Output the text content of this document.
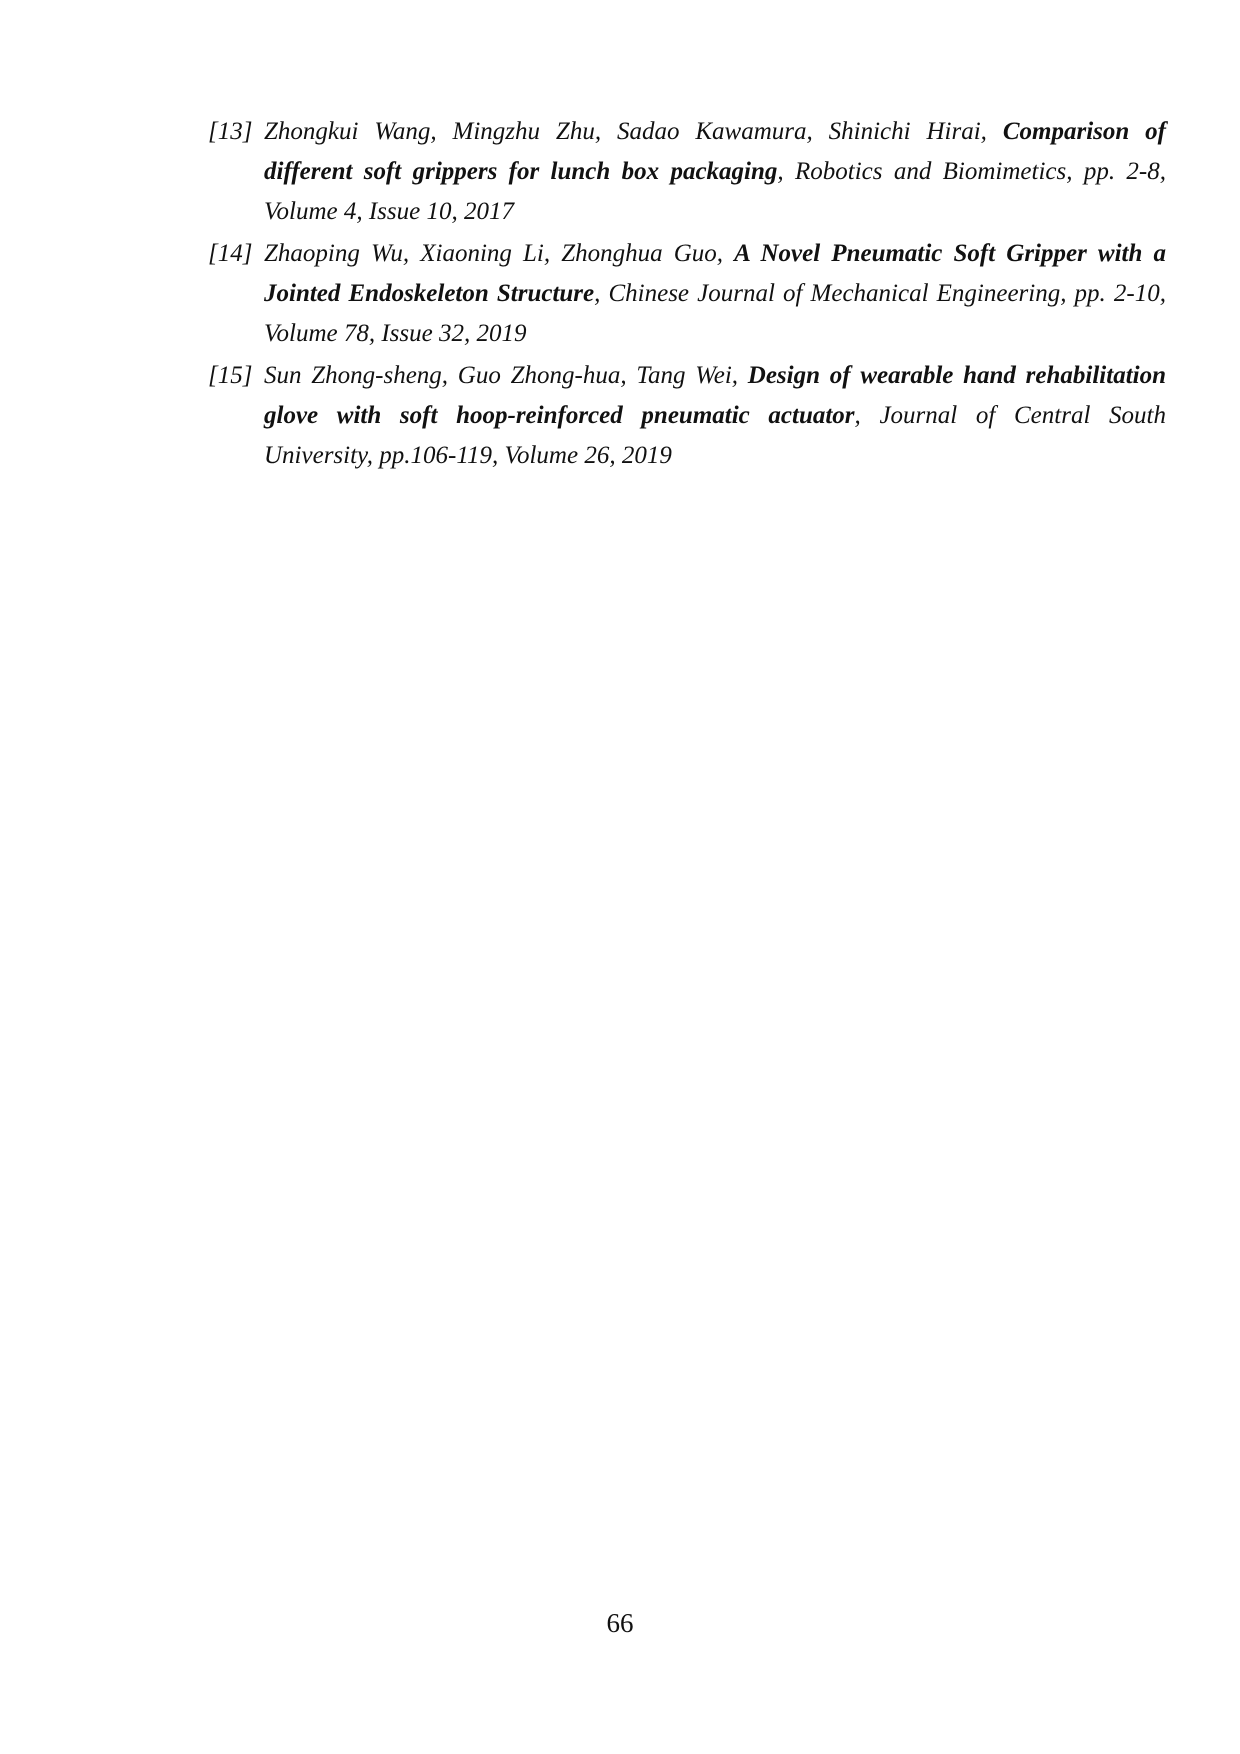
[13] Zhongkui Wang, Mingzhu Zhu, Sadao Kawamura, Shinichi Hirai, Comparison of different soft grippers for lunch box packaging, Robotics and Biomimetics, pp. 2-8, Volume 4, Issue 10, 2017
[14] Zhaoping Wu, Xiaoning Li, Zhonghua Guo, A Novel Pneumatic Soft Gripper with a Jointed Endoskeleton Structure, Chinese Journal of Mechanical Engineering, pp. 2-10, Volume 78, Issue 32, 2019
[15] Sun Zhong-sheng, Guo Zhong-hua, Tang Wei, Design of wearable hand rehabilitation glove with soft hoop-reinforced pneumatic actuator, Journal of Central South University, pp.106-119, Volume 26, 2019
66
